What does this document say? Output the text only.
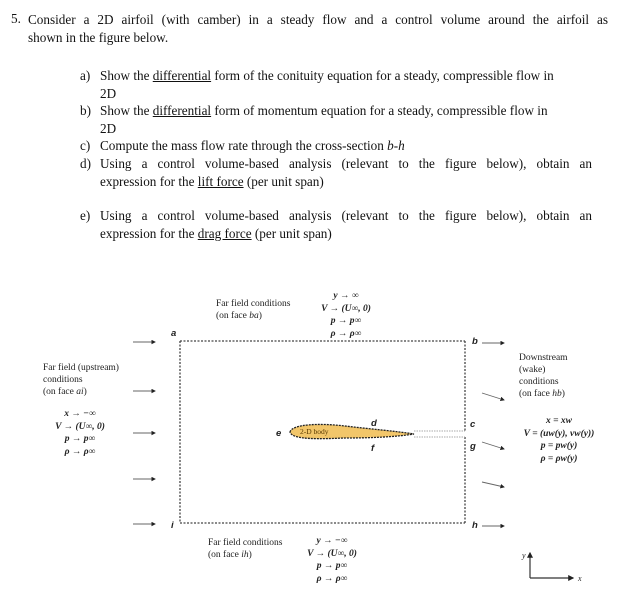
5. Consider a 2D airfoil (with camber) in a steady flow and a control volume around the airfoil as
shown in the figure below.
a) Show the differential form of the conituity equation for a steady, compressible flow in
2D
b) Show the differential form of momentum equation for a steady, compressible flow in
2D
c) Compute the mass flow rate through the cross-section b-h
d) Using a control volume-based analysis (relevant to the figure below), obtain an
expression for the lift force (per unit span)
e) Using a control volume-based analysis (relevant to the figure below), obtain an
expression for the drag force (per unit span)
2-D body
a
b
c
d
e
f	g
h
i
Far field conditions
(on face ba)
y → ∞
V → (U∞, 0)
p → p∞
ρ → ρ∞
Far field (upstream)
conditions
(on face ai)
x → −∞
V → (U∞, 0)
p → p∞
ρ → ρ∞
Downstream
(wake)
conditions
(on face hb)
x = xw
V = (uw(y), vw(y))
p = pw(y)
ρ = ρw(y)
Far field conditions
(on face ih)
y → −∞
V → (U∞, 0)
p → p∞
ρ → ρ∞
y
x
